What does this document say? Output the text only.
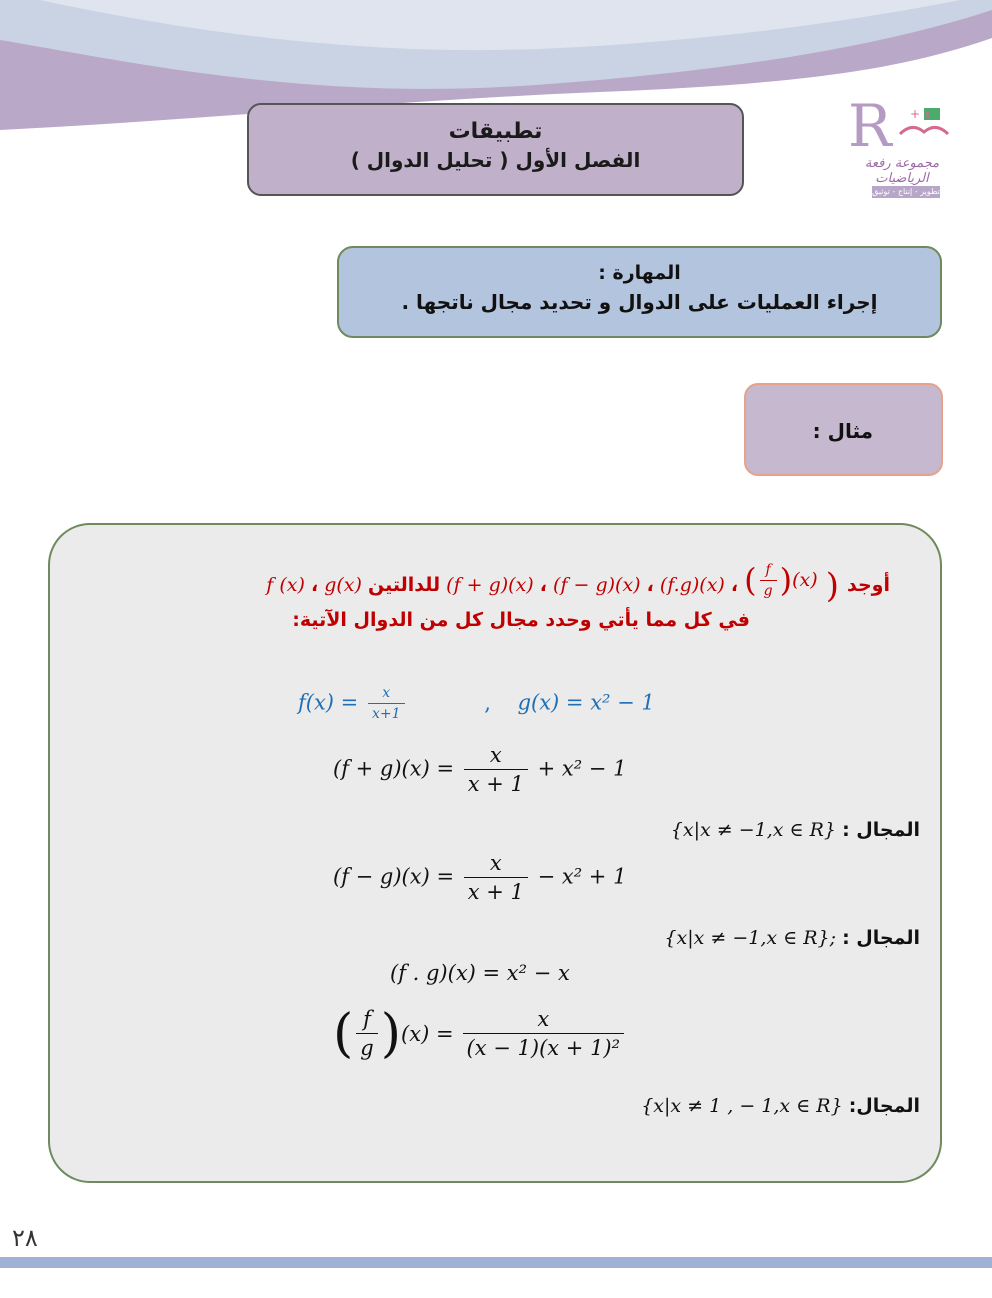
R + x
مجموعة رفعة الرياضيات
تطوير - إنتاج - توثيق
تطبيقات
الفصل الأول ( تحليل الدوال )
المهارة :
إجراء العمليات على الدوال و تحديد مجال ناتجها .
مثال :
أوجد
(

( $\frac{f}{g}$ ) (x)
، (f.g)(x) ، (f − g)(x) ، (f + g)(x) للدالتين g(x) ، f (x)
في كل مما يأتي وحدد مجال كل من الدوال الآتية:
$f(x) = \frac{x}{x+1}$	, g(x) = x² − 1
$(f + g)(x) = \frac{x}{x + 1} + x^2 - 1$
المجال : {x|x ≠ −1,x ∈ R}
$(f - g)(x) = \frac{x}{x + 1} - x^2 + 1$
المجال : {x|x ≠ −1,x ∈ R};
(f . g)(x) = x² − x
( $\frac{f}{g}$ ) $(x) = \frac{x}{\text{(x − 1)(x + 1)²}}$
المجال: {x|x ≠ 1 , − 1,x ∈ R}
٢٨
